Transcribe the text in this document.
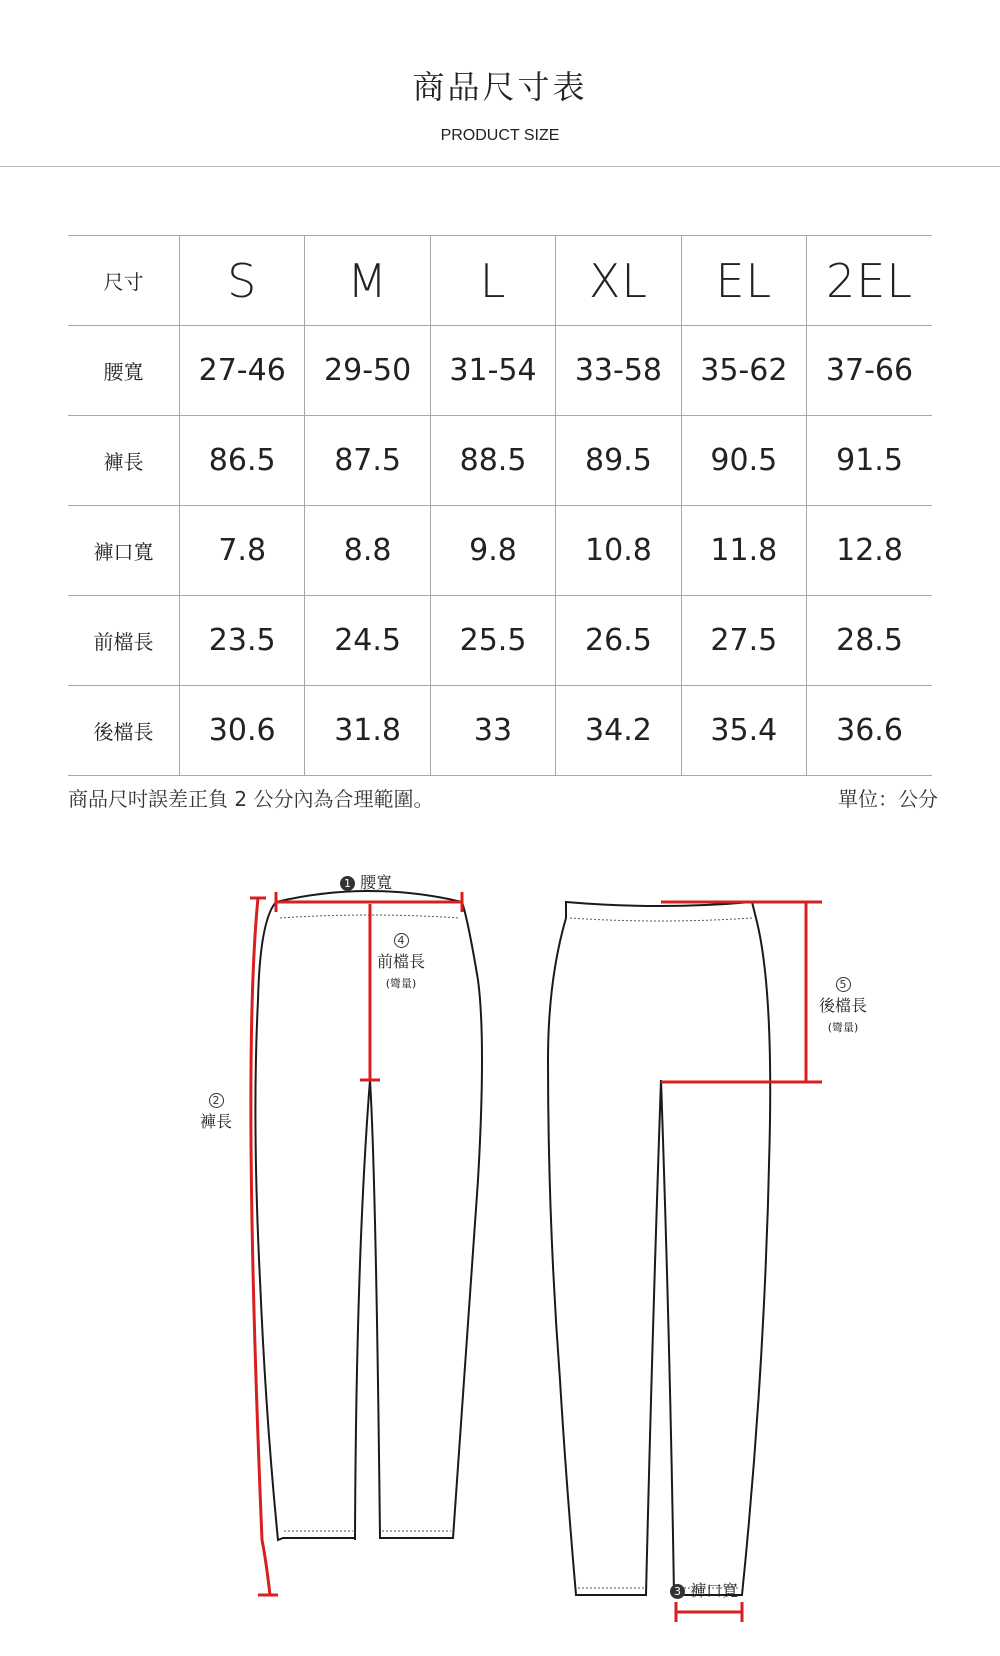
商品尺寸表
PRODUCT SIZE
尺寸	S	M	L	XL	EL	2EL
腰寬	27-46	29-50	31-54	33-58	35-62	37-66
褲長	86.5	87.5	88.5	89.5	90.5	91.5
褲口寬	7.8	8.8	9.8	10.8	11.8	12.8
前檔長	23.5	24.5	25.5	26.5	27.5	28.5
後檔長	30.6	31.8	33	34.2	35.4	36.6
商品尺吋誤差正負 2 公分內為合理範圍。	單位：公分
1 腰寬
4
前檔長
(彎量)
2
褲長
5
後檔長
(彎量)
3 褲口寬
